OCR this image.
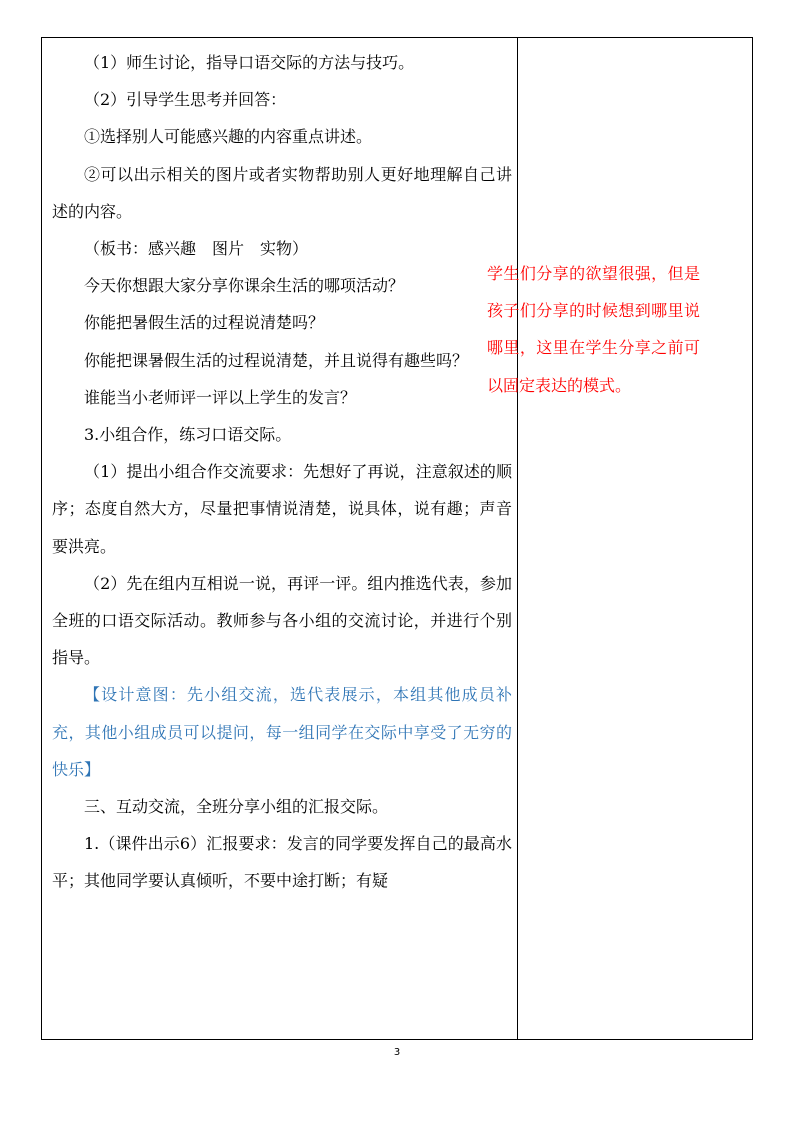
（1）师生讨论，指导口语交际的方法与技巧。

（2）引导学生思考并回答：

①选择别人可能感兴趣的内容重点讲述。

②可以出示相关的图片或者实物帮助别人更好地理解自己讲述的内容。

（板书：感兴趣　图片　实物）

今天你想跟大家分享你课余生活的哪项活动？

你能把暑假生活的过程说清楚吗？

你能把课暑假生活的过程说清楚，并且说得有趣些吗？

谁能当小老师评一评以上学生的发言？

3.小组合作，练习口语交际。

（1）提出小组合作交流要求：先想好了再说，注意叙述的顺序；态度自然大方，尽量把事情说清楚，说具体，说有趣；声音要洪亮。

（2）先在组内互相说一说，再评一评。组内推选代表，参加全班的口语交际活动。教师参与各小组的交流讨论，并进行个别指导。

【设计意图：先小组交流，选代表展示，本组其他成员补充，其他小组成员可以提问，每一组同学在交际中享受了无穷的快乐】

三、互动交流，全班分享小组的汇报交际。

1.（课件出示6）汇报要求：发言的同学要发挥自己的最高水平；其他同学要认真倾听，不要中途打断；有疑

学生们分享的欲望很强，但是孩子们分享的时候想到哪里说哪里，这里在学生分享之前可以固定表达的模式。
3
